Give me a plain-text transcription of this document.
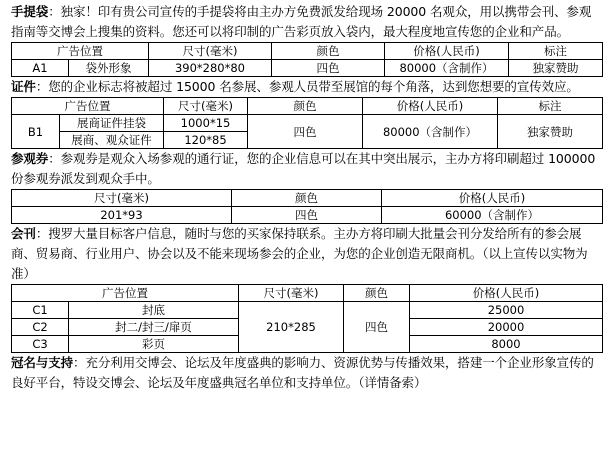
手提袋：独家！印有贵公司宣传的手提袋将由主办方免费派发给现场 20000 名观众，用以携带会刊、参观指南等交博会上搜集的资料。您还可以将印制的广告彩页放入袋内，最大程度地宣传您的企业和产品。

广告位置		尺寸(毫米)	颜色	价格(人民币)	标注
A1	袋外形象	390*280*80	四色	80000（含制作）	独家赞助

证件：您的企业标志将被超过 15000 名参展、参观人员带至展馆的每个角落，达到您想要的宣传效应。

广告位置		尺寸(毫米)	颜色	价格(人民币)	标注
B1	展商证件挂袋	1000*15	四色	80000（含制作）	独家赞助
	展商、观众证件	120*85			

参观券：参观券是观众入场参观的通行证，您的企业信息可以在其中突出展示，主办方将印刷超过 100000 份参观券派发到观众手中。

尺寸(毫米)	颜色	价格(人民币)
201*93	四色	60000（含制作）

会刊：搜罗大量目标客户信息，随时与您的买家保持联系。主办方将印刷大批量会刊分发给所有的参会展商、贸易商、行业用户、协会以及不能来现场参会的企业，为您的企业创造无限商机。（以上宣传以实物为准）

广告位置		尺寸(毫米)	颜色	价格(人民币)
C1	封底	210*285	四色	25000
C2	封二/封三/扉页			20000
C3	彩页			8000

冠名与支持：充分利用交博会、论坛及年度盛典的影响力、资源优势与传播效果，搭建一个企业形象宣传的良好平台，特设交博会、论坛及年度盛典冠名单位和支持单位。（详情备索）
